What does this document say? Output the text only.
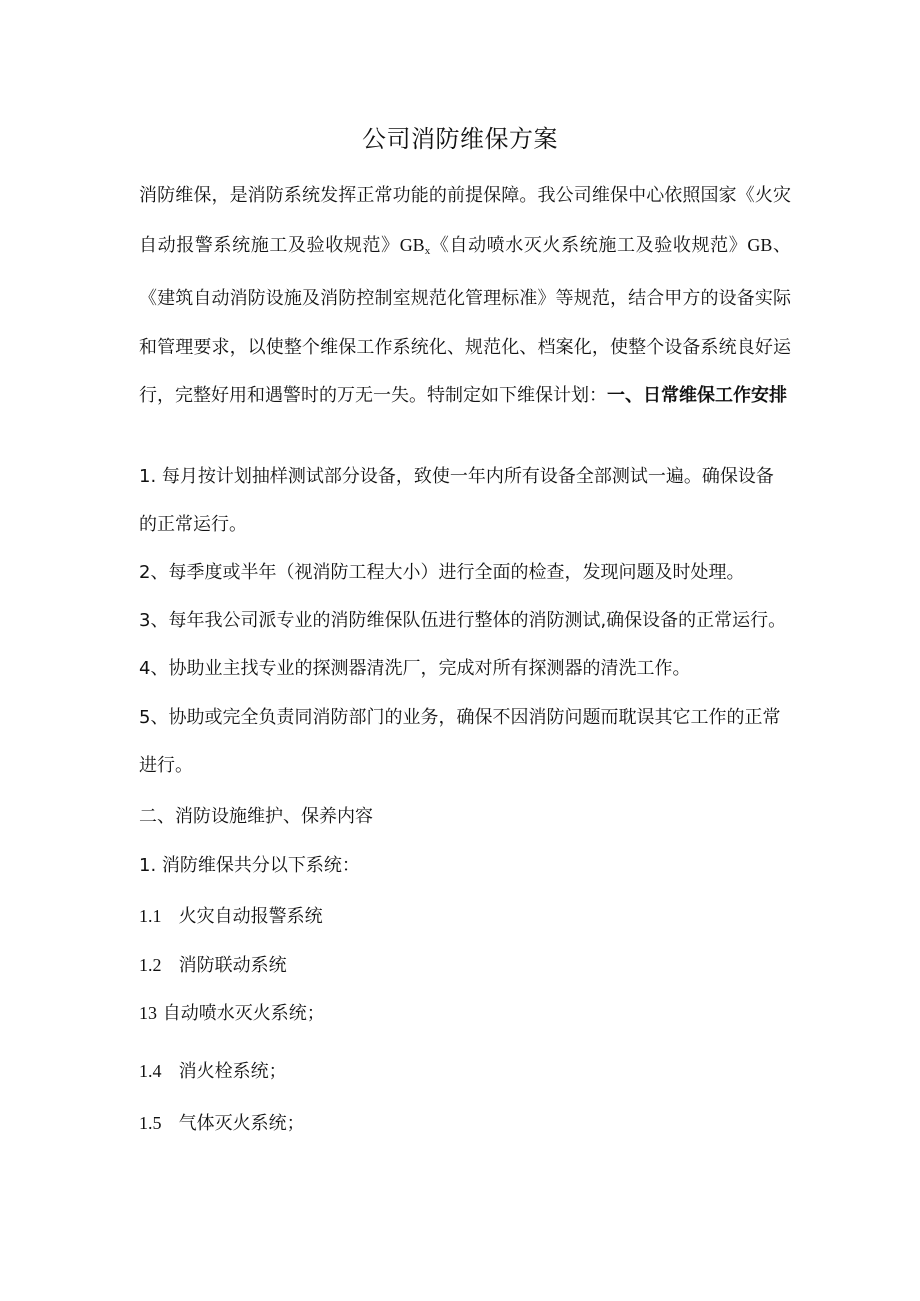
公司消防维保方案

消防维保，是消防系统发挥正常功能的前提保障。我公司维保中心依照国家《火灾自动报警系统施工及验收规范》$GB_x$《自动喷水灭火系统施工及验收规范》GB、《建筑自动消防设施及消防控制室规范化管理标准》等规范，结合甲方的设备实际和管理要求，以使整个维保工作系统化、规范化、档案化，使整个设备系统良好运行，完整好用和遇警时的万无一失。特制定如下维保计划：一、日常维保工作安排

1. 每月按计划抽样测试部分设备，致使一年内所有设备全部测试一遍。确保设备的正常运行。

2、每季度或半年（视消防工程大小）进行全面的检查，发现问题及时处理。

3、每年我公司派专业的消防维保队伍进行整体的消防测试,确保设备的正常运行。

4、协助业主找专业的探测器清洗厂，完成对所有探测器的清洗工作。

5、协助或完全负责同消防部门的业务，确保不因消防问题而耽误其它工作的正常进行。

二、消防设施维护、保养内容

1. 消防维保共分以下系统：

1.1 火灾自动报警系统

1.2 消防联动系统

13 自动喷水灭火系统；

1.4 消火栓系统；

1.5 气体灭火系统；
